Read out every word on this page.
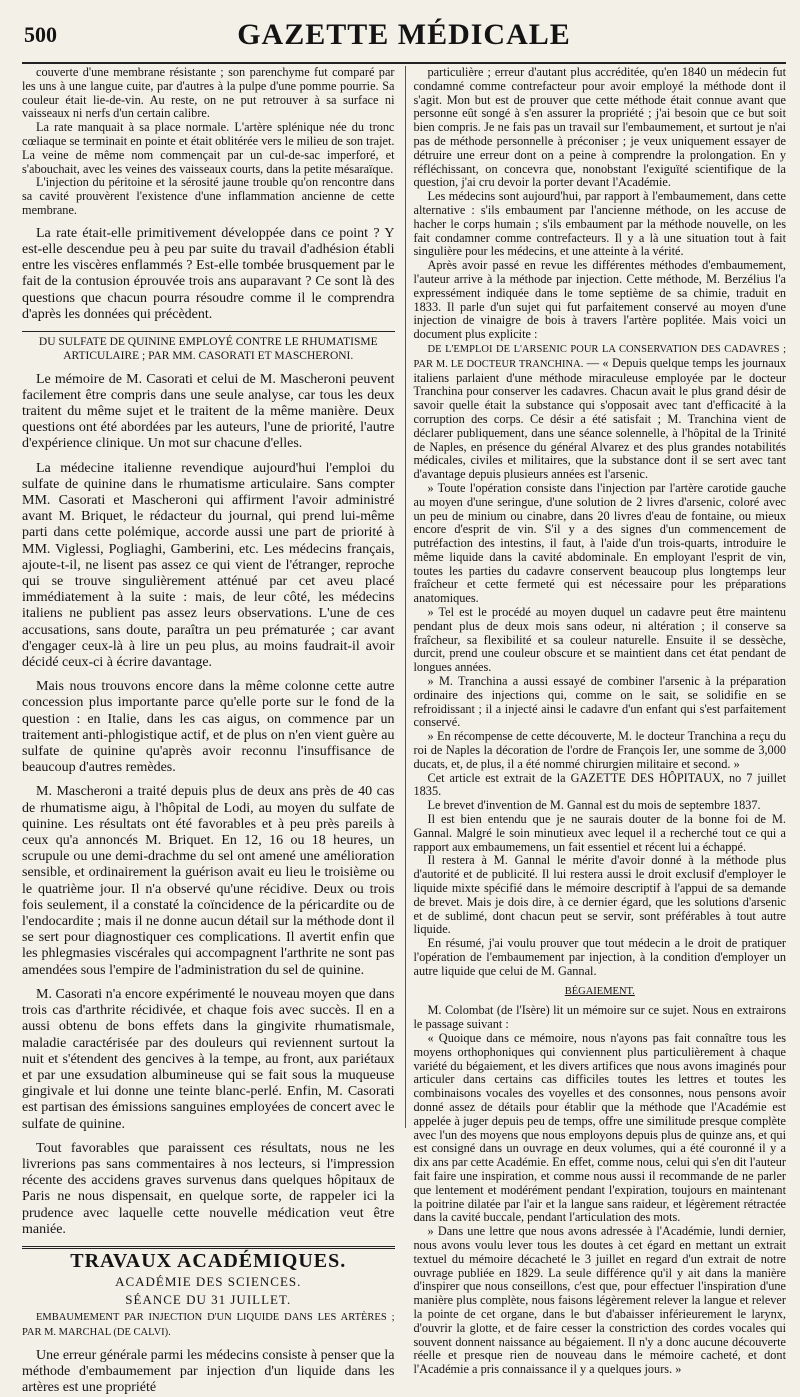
500	GAZETTE MÉDICALE

couverte d'une membrane résistante ; son parenchyme fut comparé par les uns à une langue cuite, par d'autres à la pulpe d'une pomme pourrie. Sa couleur était lie-de-vin. Au reste, on ne put retrouver à sa surface ni vaisseaux ni nerfs d'un certain calibre.

La rate manquait à sa place normale. L'artère splénique née du tronc cœliaque se terminait en pointe et était oblitérée vers le milieu de son trajet. La veine de même nom commençait par un cul-de-sac imperforé, et s'abouchait, avec les veines des vaisseaux courts, dans la petite mésaraïque.

L'injection du péritoine et la sérosité jaune trouble qu'on rencontre dans sa cavité prouvèrent l'existence d'une inflammation ancienne de cette membrane.

La rate était-elle primitivement développée dans ce point ? Y est-elle descendue peu à peu par suite du travail d'adhésion établi entre les viscères enflammés ? Est-elle tombée brusquement par le fait de la contusion éprouvée trois ans auparavant ? Ce sont là des questions que chacun pourra résoudre comme il le comprendra d'après les données qui précèdent.

DU SULFATE DE QUININE EMPLOYÉ CONTRE LE RHUMATISME ARTICULAIRE ; PAR MM. CASORATI ET MASCHERONI.

Le mémoire de M. Casorati et celui de M. Mascheroni peuvent facilement être compris dans une seule analyse, car tous les deux traitent du même sujet et le traitent de la même manière. Deux questions ont été abordées par les auteurs, l'une de priorité, l'autre d'expérience clinique. Un mot sur chacune d'elles.

La médecine italienne revendique aujourd'hui l'emploi du sulfate de quinine dans le rhumatisme articulaire. Sans compter MM. Casorati et Mascheroni qui affirment l'avoir administré avant M. Briquet, le rédacteur du journal, qui prend lui-même parti dans cette polémique, accorde aussi une part de priorité à MM. Viglessi, Pogliaghi, Gamberini, etc. Les médecins français, ajoute-t-il, ne lisent pas assez ce qui vient de l'étranger, reproche qui se trouve singulièrement atténué par cet aveu placé immédiatement à la suite : mais, de leur côté, les médecins italiens ne publient pas assez leurs observations. L'une de ces accusations, sans doute, paraîtra un peu prématurée ; car avant d'engager ceux-là à lire un peu plus, au moins faudrait-il avoir décidé ceux-ci à écrire davantage.

Mais nous trouvons encore dans la même colonne cette autre concession plus importante parce qu'elle porte sur le fond de la question : en Italie, dans les cas aigus, on commence par un traitement anti-phlogistique actif, et de plus on n'en vient guère au sulfate de quinine qu'après avoir reconnu l'insuffisance de beaucoup d'autres remèdes.

M. Mascheroni a traité depuis plus de deux ans près de 40 cas de rhumatisme aigu, à l'hôpital de Lodi, au moyen du sulfate de quinine. Les résultats ont été favorables et à peu près pareils à ceux qu'a annoncés M. Briquet. En 12, 16 ou 18 heures, un scrupule ou une demi-drachme du sel ont amené une amélioration sensible, et ordinairement la guérison avait eu lieu le troisième ou le quatrième jour. Il n'a observé qu'une récidive. Deux ou trois fois seulement, il a constaté la coïncidence de la péricardite ou de l'endocardite ; mais il ne donne aucun détail sur la méthode dont il se sert pour diagnostiquer ces complications. Il avertit enfin que les phlegmasies viscérales qui accompagnent l'arthrite ne sont pas amendées sous l'empire de l'administration du sel de quinine.

M. Casorati n'a encore expérimenté le nouveau moyen que dans trois cas d'arthrite récidivée, et chaque fois avec succès. Il en a aussi obtenu de bons effets dans la gingivite rhumatismale, maladie caractérisée par des douleurs qui reviennent surtout la nuit et s'étendent des gencives à la tempe, au front, aux pariétaux et par une exsudation albumineuse qui se fait sous la muqueuse gingivale et lui donne une teinte blanc-perlé. Enfin, M. Casorati est partisan des émissions sanguines employées de concert avec le sulfate de quinine.

Tout favorables que paraissent ces résultats, nous ne les livrerions pas sans commentaires à nos lecteurs, si l'impression récente des accidens graves survenus dans quelques hôpitaux de Paris ne nous dispensait, en quelque sorte, de rappeler ici la prudence avec laquelle cette nouvelle médication veut être maniée.

TRAVAUX ACADÉMIQUES.
ACADÉMIE DES SCIENCES.
SÉANCE DU 31 JUILLET.

EMBAUMEMENT PAR INJECTION D'UN LIQUIDE DANS LES ARTÈRES ; PAR M. MARCHAL (DE CALVI).

Une erreur générale parmi les médecins consiste à penser que la méthode d'embaumement par injection d'un liquide dans les artères est une propriété

particulière ; erreur d'autant plus accréditée, qu'en 1840 un médecin fut condamné comme contrefacteur pour avoir employé la méthode dont il s'agit. Mon but est de prouver que cette méthode était connue avant que personne eût songé à s'en assurer la propriété ; j'ai besoin que ce but soit bien compris. Je ne fais pas un travail sur l'embaumement, et surtout je n'ai pas de méthode personnelle à préconiser ; je veux uniquement essayer de détruire une erreur dont on a peine à comprendre la prolongation. En y réfléchissant, on concevra que, nonobstant l'exiguïté scientifique de la question, j'ai cru devoir la porter devant l'Académie.

Les médecins sont aujourd'hui, par rapport à l'embaumement, dans cette alternative : s'ils embaument par l'ancienne méthode, on les accuse de hacher le corps humain ; s'ils embaument par la méthode nouvelle, on les fait condamner comme contrefacteurs. Il y a là une situation tout à fait singulière pour les médecins, et une atteinte à la vérité.

Après avoir passé en revue les différentes méthodes d'embaumement, l'auteur arrive à la méthode par injection. Cette méthode, M. Berzélius l'a expressément indiquée dans le tome septième de sa chimie, traduit en 1833. Il parle d'un sujet qui fut parfaitement conservé au moyen d'une injection de vinaigre de bois à travers l'artère poplitée. Mais voici un document plus explicite :

DE L'EMPLOI DE L'ARSENIC POUR LA CONSERVATION DES CADAVRES ; PAR M. LE DOCTEUR TRANCHINA. — « Depuis quelque temps les journaux italiens parlaient d'une méthode miraculeuse employée par le docteur Tranchina pour conserver les cadavres. Chacun avait le plus grand désir de savoir quelle était la substance qui s'opposait avec tant d'efficacité à la corruption des corps. Ce désir a été satisfait ; M. Tranchina vient de déclarer publiquement, dans une séance solennelle, à l'hôpital de la Trinité de Naples, en présence du général Alvarez et des plus grandes notabilités médicales, civiles et militaires, que la substance dont il se sert avec tant d'avantage depuis plusieurs années est l'arsenic.

» Toute l'opération consiste dans l'injection par l'artère carotide gauche au moyen d'une seringue, d'une solution de 2 livres d'arsenic, coloré avec un peu de minium ou cinabre, dans 20 livres d'eau de fontaine, ou mieux encore d'esprit de vin. S'il y a des signes d'un commencement de putréfaction des intestins, il faut, à l'aide d'un trois-quarts, introduire le même liquide dans la cavité abdominale. En employant l'esprit de vin, toutes les parties du cadavre conservent beaucoup plus longtemps leur fraîcheur et cette fermeté qui est nécessaire pour les préparations anatomiques.

» Tel est le procédé au moyen duquel un cadavre peut être maintenu pendant plus de deux mois sans odeur, ni altération ; il conserve sa fraîcheur, sa flexibilité et sa couleur naturelle. Ensuite il se dessèche, durcit, prend une couleur obscure et se maintient dans cet état pendant de longues années.

» M. Tranchina a aussi essayé de combiner l'arsenic à la préparation ordinaire des injections qui, comme on le sait, se solidifie en se refroidissant ; il a injecté ainsi le cadavre d'un enfant qui s'est parfaitement conservé.

» En récompense de cette découverte, M. le docteur Tranchina a reçu du roi de Naples la décoration de l'ordre de François Ier, une somme de 3,000 ducats, et, de plus, il a été nommé chirurgien militaire et second. »

Cet article est extrait de la GAZETTE DES HÔPITAUX, no 7 juillet 1835.

Le brevet d'invention de M. Gannal est du mois de septembre 1837.

Il est bien entendu que je ne saurais douter de la bonne foi de M. Gannal. Malgré le soin minutieux avec lequel il a recherché tout ce qui a rapport aux embaumemens, un fait essentiel et récent lui a échappé.

Il restera à M. Gannal le mérite d'avoir donné à la méthode plus d'autorité et de publicité. Il lui restera aussi le droit exclusif d'employer le liquide mixte spécifié dans le mémoire descriptif à l'appui de sa demande de brevet. Mais je dois dire, à ce dernier égard, que les solutions d'arsenic et de sublimé, dont chacun peut se servir, sont préférables à tout autre liquide.

En résumé, j'ai voulu prouver que tout médecin a le droit de pratiquer l'opération de l'embaumement par injection, à la condition d'employer un autre liquide que celui de M. Gannal.

BÉGAIEMENT.

M. Colombat (de l'Isère) lit un mémoire sur ce sujet. Nous en extrairons le passage suivant :

« Quoique dans ce mémoire, nous n'ayons pas fait connaître tous les moyens orthophoniques qui conviennent plus particulièrement à chaque variété du bégaiement, et les divers artifices que nous avons imaginés pour articuler dans certains cas difficiles toutes les lettres et toutes les combinaisons vocales des voyelles et des consonnes, nous pensons avoir donné assez de détails pour établir que la méthode que l'Académie est appelée à juger depuis peu de temps, offre une similitude presque complète avec l'un des moyens que nous employons depuis plus de quinze ans, et qui est consigné dans un ouvrage en deux volumes, qui a été couronné il y a dix ans par cette Académie. En effet, comme nous, celui qui s'en dit l'auteur fait faire une inspiration, et comme nous aussi il recommande de ne parler que lentement et modérément pendant l'expiration, toujours en maintenant la poitrine dilatée par l'air et la langue sans raideur, et légèrement rétractée dans la cavité buccale, pendant l'articulation des mots.

» Dans une lettre que nous avons adressée à l'Académie, lundi dernier, nous avons voulu lever tous les doutes à cet égard en mettant un extrait textuel du mémoire décacheté le 3 juillet en regard d'un extrait de notre ouvrage publiée en 1829. La seule différence qu'il y ait dans la manière d'inspirer que nous conseillons, c'est que, pour effectuer l'inspiration d'une manière plus complète, nous faisons légèrement relever la langue et relever la pointe de cet organe, dans le but d'abaisser inférieurement le larynx, d'ouvrir la glotte, et de faire cesser la constriction des cordes vocales qui souvent donnent naissance au bégaiement. Il n'y a donc aucune découverte réelle et presque rien de nouveau dans le mémoire cacheté, et dont l'Académie a pris connaissance il y a quelques jours. »
